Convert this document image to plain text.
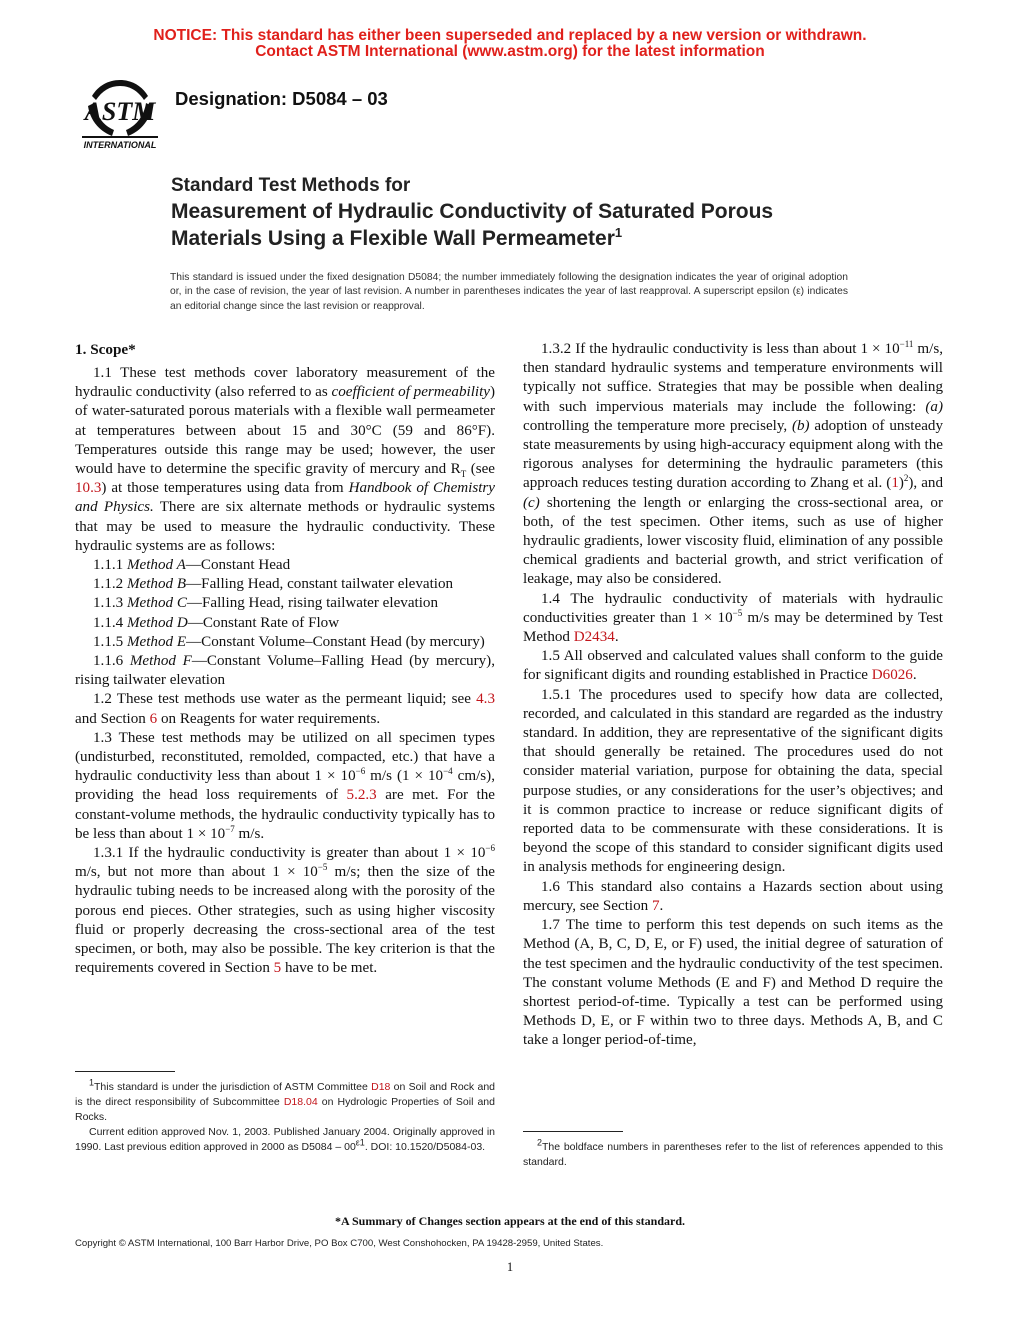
NOTICE: This standard has either been superseded and replaced by a new version or withdrawn.
Contact ASTM International (www.astm.org) for the latest information
ASTM
INTERNATIONAL
Designation: D5084 – 03
Standard Test Methods for
Measurement of Hydraulic Conductivity of Saturated Porous
Materials Using a Flexible Wall Permeameter$^1$
This standard is issued under the fixed designation D5084; the number immediately following the designation indicates the year of original adoption or, in the case of revision, the year of last revision. A number in parentheses indicates the year of last reapproval. A superscript epsilon (ε) indicates an editorial change since the last revision or reapproval.
1. Scope*

1.1 These test methods cover laboratory measurement of the hydraulic conductivity (also referred to as coefficient of permeability) of water-saturated porous materials with a flexible wall permeameter at temperatures between about 15 and 30°C (59 and 86°F). Temperatures outside this range may be used; however, the user would have to determine the specific gravity of mercury and $R_T$ (see 10.3) at those temperatures using data from Handbook of Chemistry and Physics. There are six alternate methods or hydraulic systems that may be used to measure the hydraulic conductivity. These hydraulic systems are as follows:

1.1.1 Method A—Constant Head

1.1.2 Method B—Falling Head, constant tailwater elevation

1.1.3 Method C—Falling Head, rising tailwater elevation

1.1.4 Method D—Constant Rate of Flow

1.1.5 Method E—Constant Volume–Constant Head (by mercury)

1.1.6 Method F—Constant Volume–Falling Head (by mercury), rising tailwater elevation

1.2 These test methods use water as the permeant liquid; see 4.3 and Section 6 on Reagents for water requirements.

1.3 These test methods may be utilized on all specimen types (undisturbed, reconstituted, remolded, compacted, etc.) that have a hydraulic conductivity less than about $1 \times 10^{-6}$ m/s ($1 \times 10^{-4}$ cm/s), providing the head loss requirements of 5.2.3 are met. For the constant-volume methods, the hydraulic conductivity typically has to be less than about $1 \times 10^{-7}$ m/s.

1.3.1 If the hydraulic conductivity is greater than about $1 \times 10^{-6}$ m/s, but not more than about $1 \times 10^{-5}$ m/s; then the size of the hydraulic tubing needs to be increased along with the porosity of the porous end pieces. Other strategies, such as using higher viscosity fluid or properly decreasing the cross-sectional area of the test specimen, or both, may also be possible. The key criterion is that the requirements covered in Section 5 have to be met.

1.3.2 If the hydraulic conductivity is less than about $1 \times 10^{-11}$ m/s, then standard hydraulic systems and temperature environments will typically not suffice. Strategies that may be possible when dealing with such impervious materials may include the following: (a) controlling the temperature more precisely, (b) adoption of unsteady state measurements by using high-accuracy equipment along with the rigorous analyses for determining the hydraulic parameters (this approach reduces testing duration according to Zhang et al. $(1)^2$), and (c) shortening the length or enlarging the cross-sectional area, or both, of the test specimen. Other items, such as use of higher hydraulic gradients, lower viscosity fluid, elimination of any possible chemical gradients and bacterial growth, and strict verification of leakage, may also be considered.

1.4 The hydraulic conductivity of materials with hydraulic conductivities greater than $1 \times 10^{-5}$ m/s may be determined by Test Method D2434.

1.5 All observed and calculated values shall conform to the guide for significant digits and rounding established in Practice D6026.

1.5.1 The procedures used to specify how data are collected, recorded, and calculated in this standard are regarded as the industry standard. In addition, they are representative of the significant digits that should generally be retained. The procedures used do not consider material variation, purpose for obtaining the data, special purpose studies, or any considerations for the user’s objectives; and it is common practice to increase or reduce significant digits of reported data to be commensurate with these considerations. It is beyond the scope of this standard to consider significant digits used in analysis methods for engineering design.

1.6 This standard also contains a Hazards section about using mercury, see Section 7.

1.7 The time to perform this test depends on such items as the Method (A, B, C, D, E, or F) used, the initial degree of saturation of the test specimen and the hydraulic conductivity of the test specimen. The constant volume Methods (E and F) and Method D require the shortest period-of-time. Typically a test can be performed using Methods D, E, or F within two to three days. Methods A, B, and C take a longer period-of-time,

$^1$This standard is under the jurisdiction of ASTM Committee D18 on Soil and Rock and is the direct responsibility of Subcommittee D18.04 on Hydrologic Properties of Soil and Rocks.

Current edition approved Nov. 1, 2003. Published January 2004. Originally approved in 1990. Last previous edition approved in 2000 as $D5084 - 00^{\varepsilon 1}$. DOI: 10.1520/D5084-03.	$^2$The boldface numbers in parentheses refer to the list of references appended to this standard.

*A Summary of Changes section appears at the end of this standard.
Copyright © ASTM International, 100 Barr Harbor Drive, PO Box C700, West Conshohocken, PA 19428-2959, United States.
1
